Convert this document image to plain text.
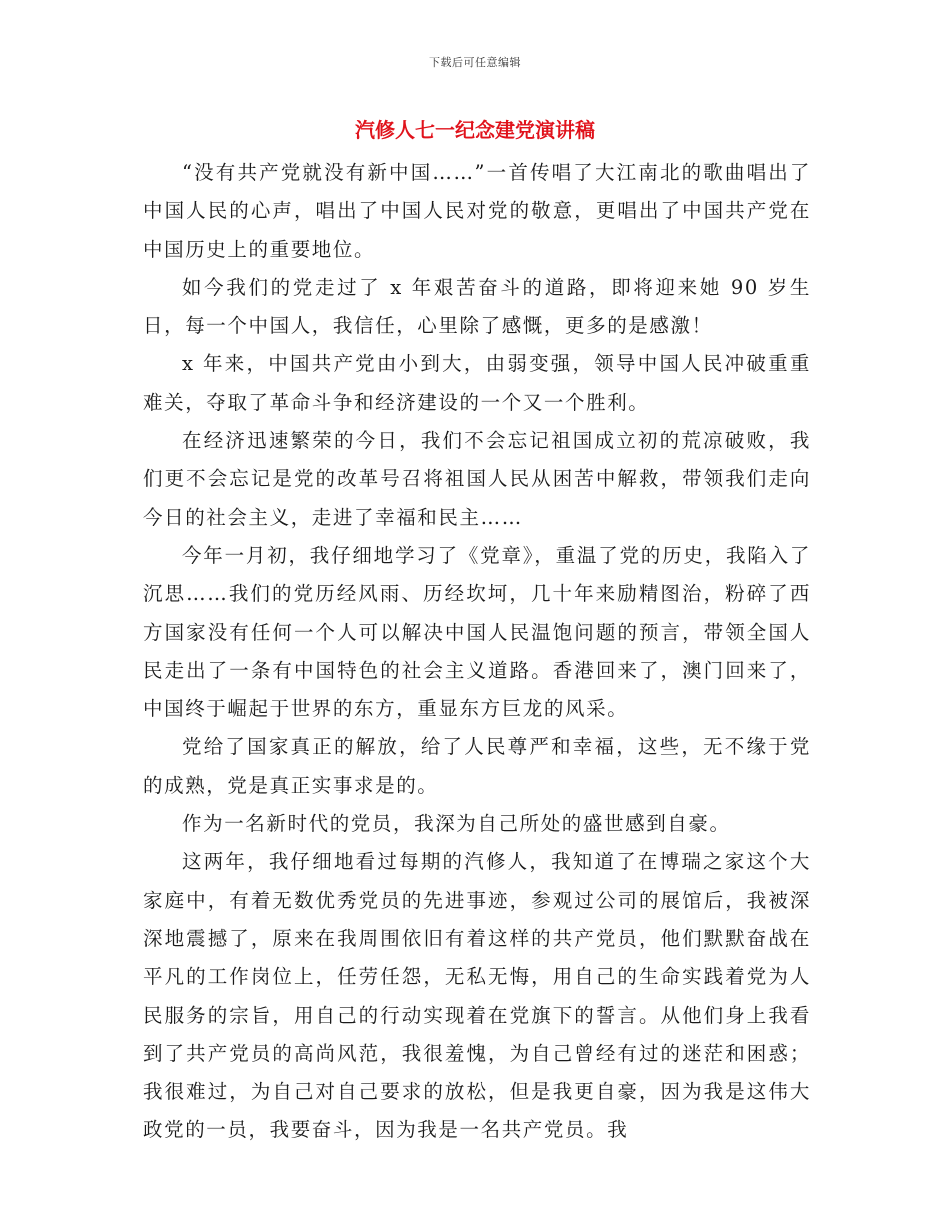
下载后可任意编辑
汽修人七一纪念建党演讲稿

“没有共产党就没有新中国……”一首传唱了大江南北的歌曲唱出了中国人民的心声，唱出了中国人民对党的敬意，更唱出了中国共产党在中国历史上的重要地位。

如今我们的党走过了 x 年艰苦奋斗的道路，即将迎来她 90 岁生日，每一个中国人，我信任，心里除了感慨，更多的是感激！

x 年来，中国共产党由小到大，由弱变强，领导中国人民冲破重重难关，夺取了革命斗争和经济建设的一个又一个胜利。

在经济迅速繁荣的今日，我们不会忘记祖国成立初的荒凉破败，我们更不会忘记是党的改革号召将祖国人民从困苦中解救，带领我们走向今日的社会主义，走进了幸福和民主……

今年一月初，我仔细地学习了《党章》，重温了党的历史，我陷入了沉思……我们的党历经风雨、历经坎坷，几十年来励精图治，粉碎了西方国家没有任何一个人可以解决中国人民温饱问题的预言，带领全国人民走出了一条有中国特色的社会主义道路。香港回来了，澳门回来了，中国终于崛起于世界的东方，重显东方巨龙的风采。

党给了国家真正的解放，给了人民尊严和幸福，这些，无不缘于党的成熟，党是真正实事求是的。

作为一名新时代的党员，我深为自己所处的盛世感到自豪。

这两年，我仔细地看过每期的汽修人，我知道了在博瑞之家这个大家庭中，有着无数优秀党员的先进事迹，参观过公司的展馆后，我被深深地震撼了，原来在我周围依旧有着这样的共产党员，他们默默奋战在平凡的工作岗位上，任劳任怨，无私无悔，用自己的生命实践着党为人民服务的宗旨，用自己的行动实现着在党旗下的誓言。从他们身上我看到了共产党员的高尚风范，我很羞愧，为自己曾经有过的迷茫和困惑；我很难过，为自己对自己要求的放松，但是我更自豪，因为我是这伟大政党的一员，我要奋斗，因为我是一名共产党员。我
